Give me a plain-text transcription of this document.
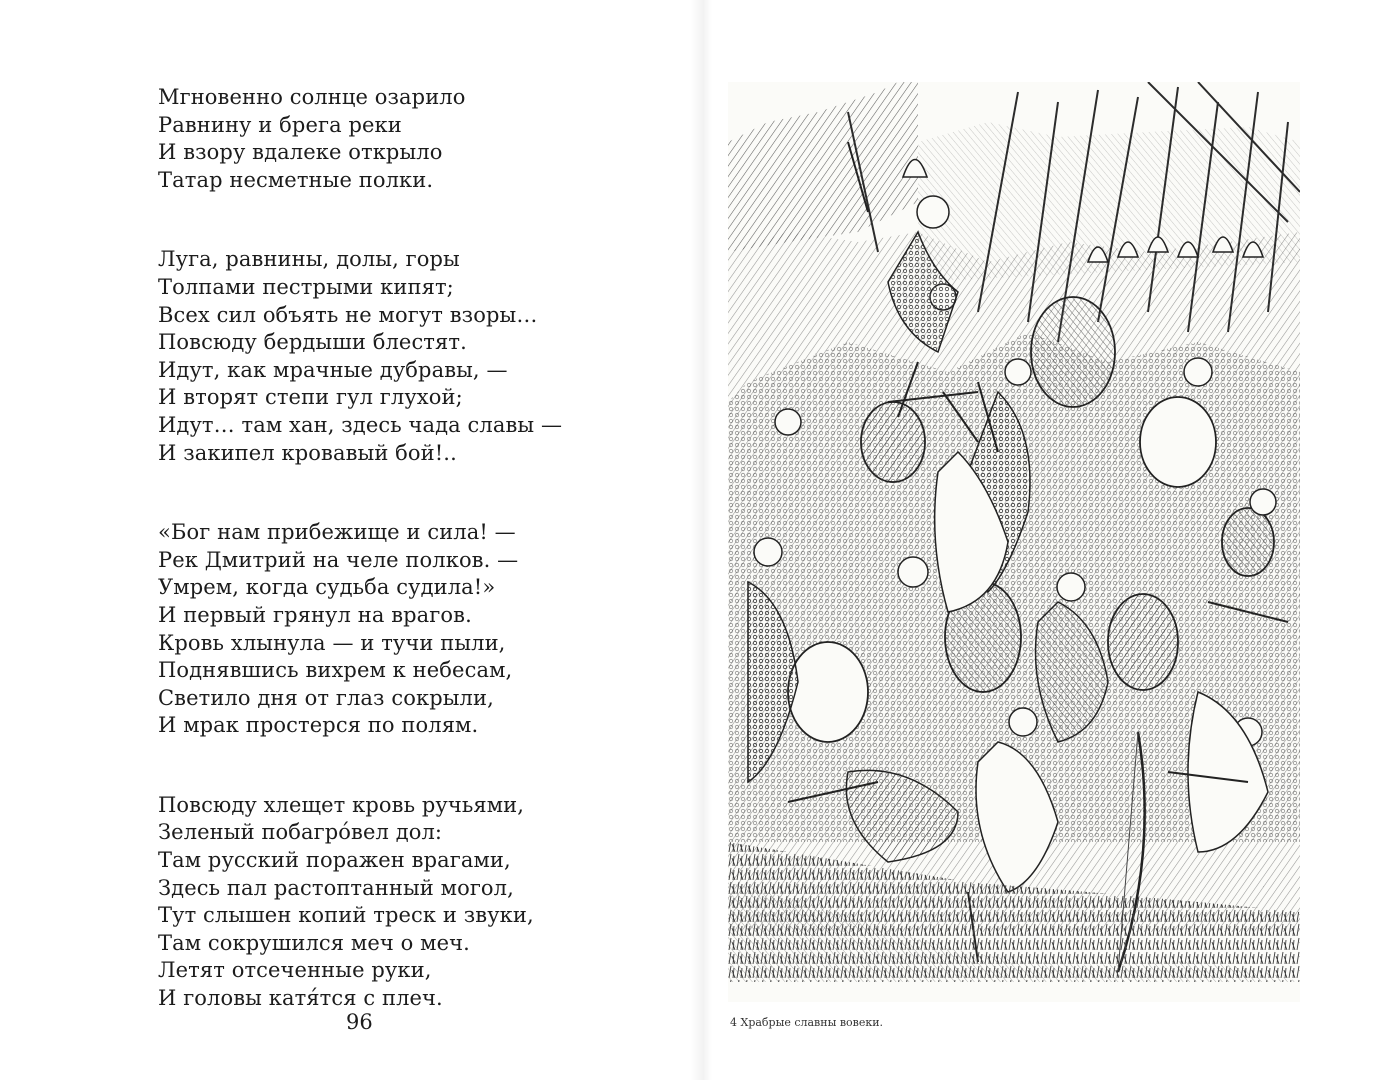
Мгновенно солнце озарило
Равнину и брега реки
И взору вдалеке открыло
Татар несметные полки.
Луга, равнины, долы, горы
Толпами пестрыми кипят;
Всех сил объять не могут взоры…
Повсюду бердыши блестят.
Идут, как мрачные дубравы, —
И вторят степи гул глухой;
Идут… там хан, здесь чада славы —
И закипел кровавый бой!..
«Бог нам прибежище и сила! —
Рек Дмитрий на челе полков. —
Умрем, когда судьба судила!»
И первый грянул на врагов.
Кровь хлынула — и тучи пыли,
Поднявшись вихрем к небесам,
Светило дня от глаз сокрыли,
И мрак простерся по полям.
Повсюду хлещет кровь ручьями,
Зеленый побагро́вел дол:
Там русский поражен врагами,
Здесь пал растоптанный могол,
Тут слышен копий треск и звуки,
Там сокрушился меч о меч.
Летят отсеченные руки,
И головы катя́тся с плеч.
96	4 Храбрые славны вовеки.
